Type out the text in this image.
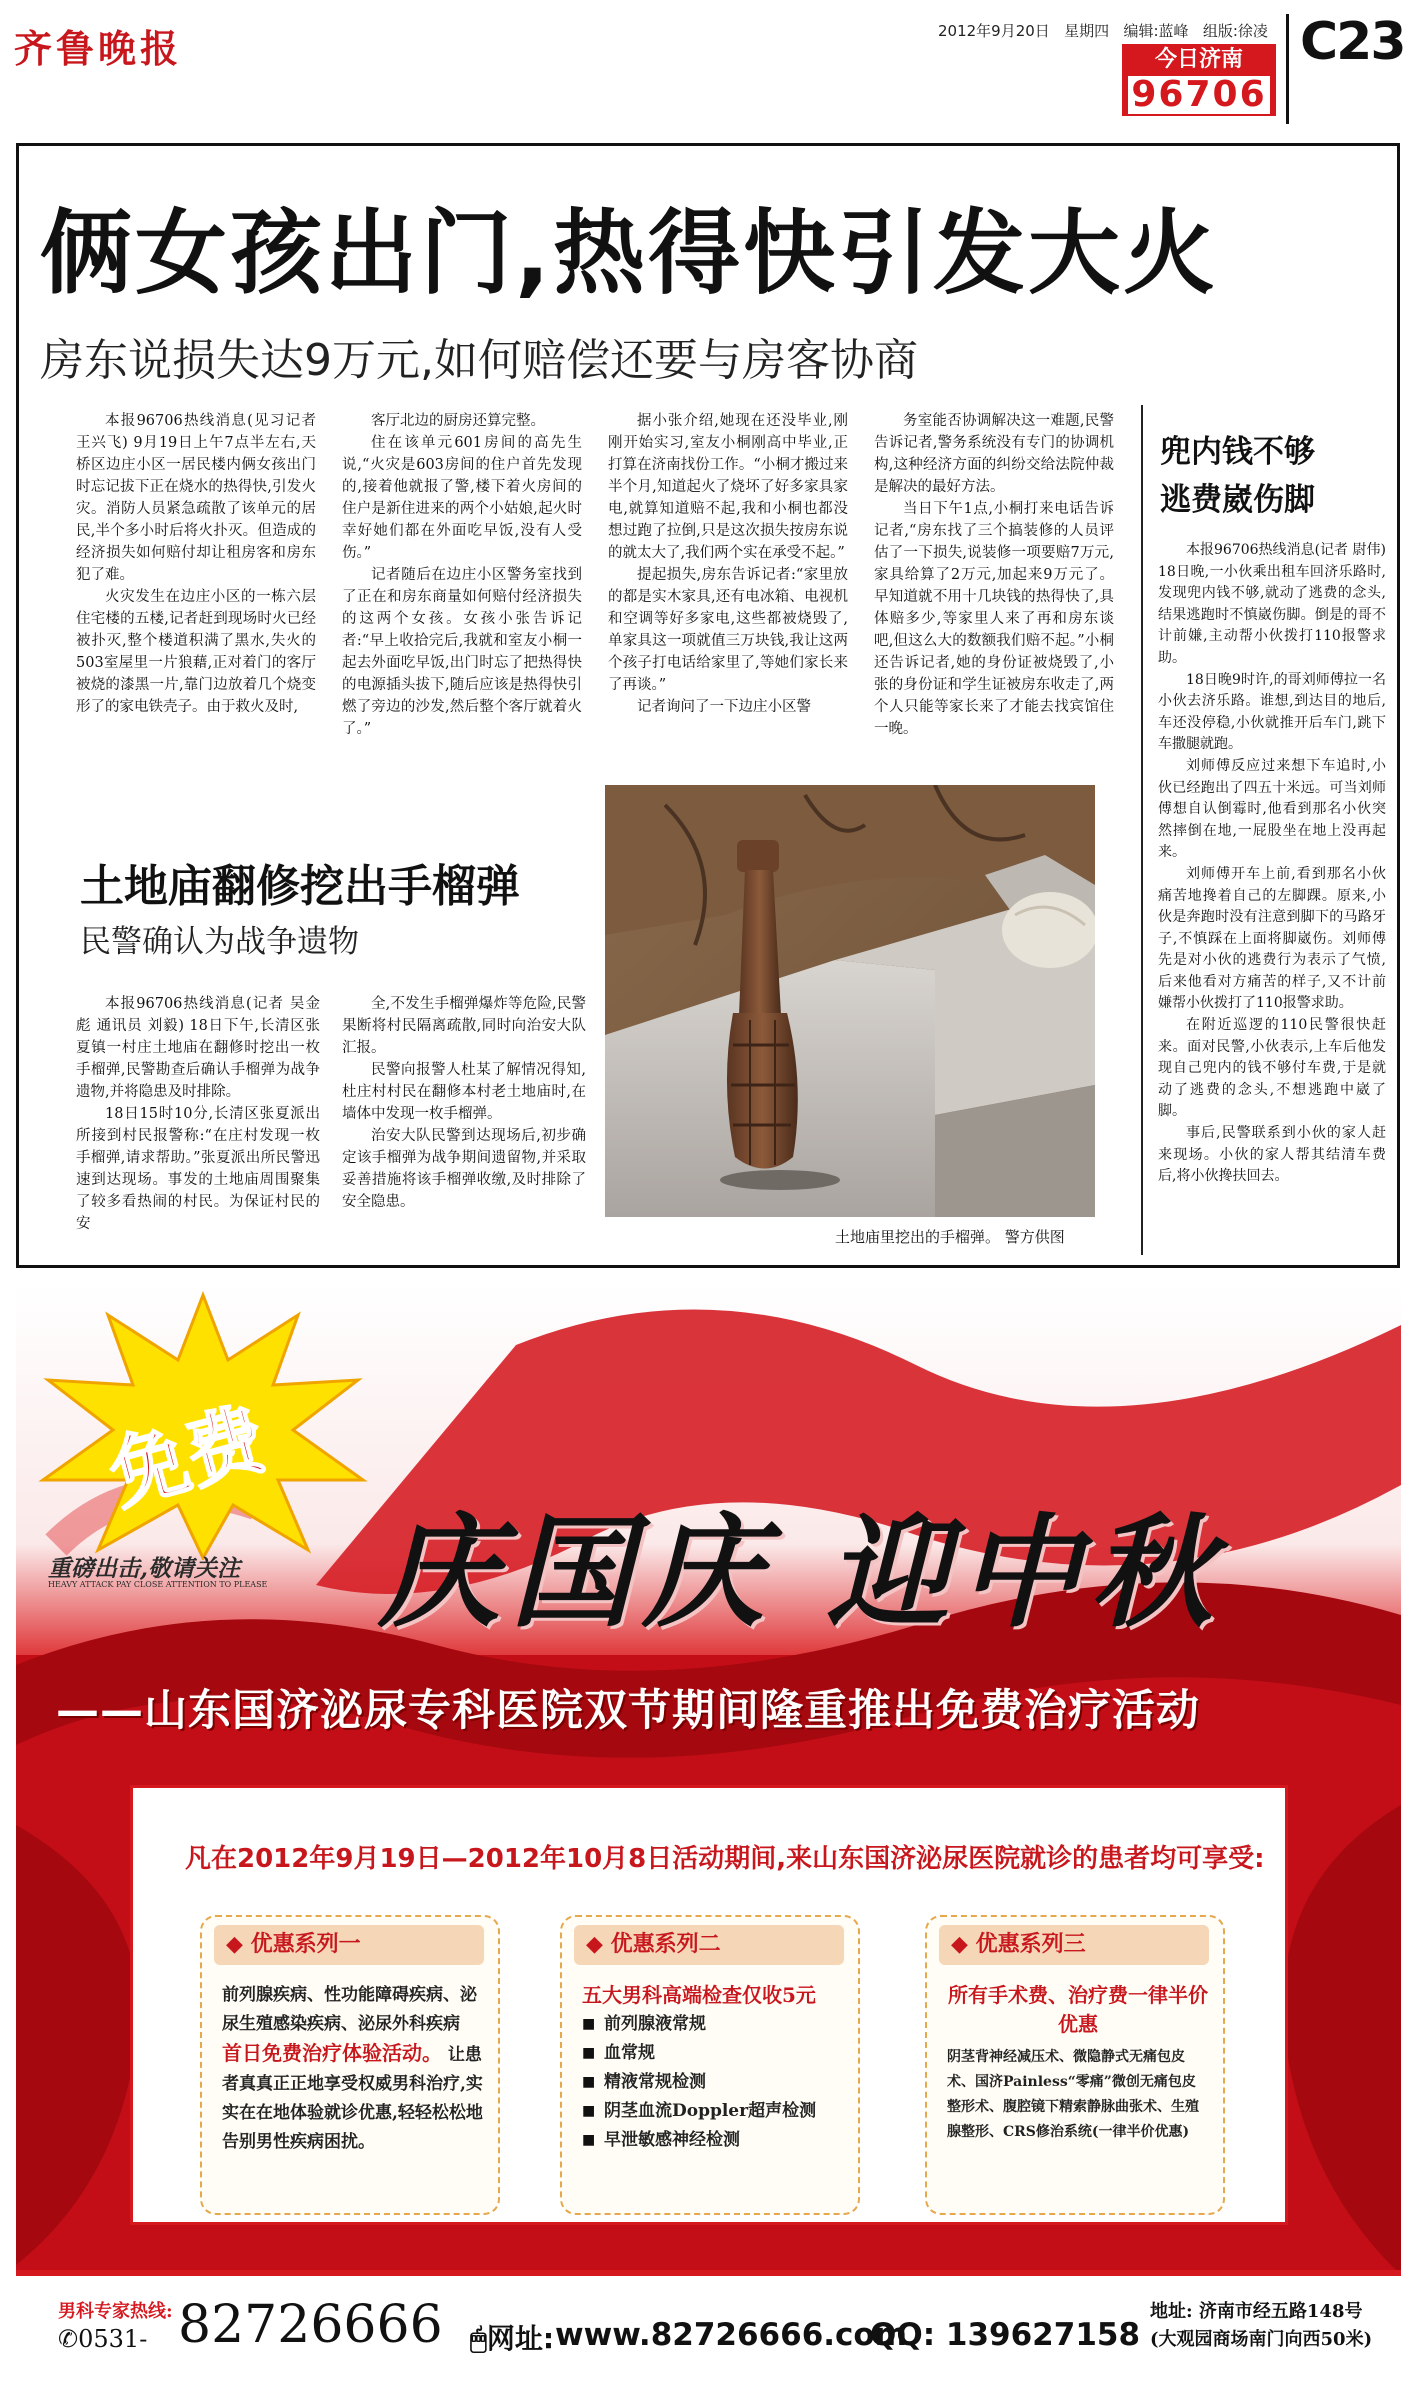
齐鲁晚报	2012年9月20日 星期四 编辑:蓝峰 组版:徐凌
今日济南
96706
C23
俩女孩出门,热得快引发大火
房东说损失达9万元,如何赔偿还要与房客协商

本报96706热线消息(见习记者 王兴飞) 9月19日上午7点半左右,天桥区边庄小区一居民楼内俩女孩出门时忘记拔下正在烧水的热得快,引发火灾。消防人员紧急疏散了该单元的居民,半个多小时后将火扑灭。但造成的经济损失如何赔付却让租房客和房东犯了难。

火灾发生在边庄小区的一栋六层住宅楼的五楼,记者赶到现场时火已经被扑灭,整个楼道积满了黑水,失火的503室屋里一片狼藉,正对着门的客厅被烧的漆黑一片,靠门边放着几个烧变形了的家电铁壳子。由于救火及时,

客厅北边的厨房还算完整。

住在该单元601房间的高先生说,“火灾是603房间的住户首先发现的,接着他就报了警,楼下着火房间的住户是新住进来的两个小姑娘,起火时幸好她们都在外面吃早饭,没有人受伤。”

记者随后在边庄小区警务室找到了正在和房东商量如何赔付经济损失的这两个女孩。女孩小张告诉记者:“早上收拾完后,我就和室友小桐一起去外面吃早饭,出门时忘了把热得快的电源插头拔下,随后应该是热得快引燃了旁边的沙发,然后整个客厅就着火了。”

据小张介绍,她现在还没毕业,刚刚开始实习,室友小桐刚高中毕业,正打算在济南找份工作。“小桐才搬过来半个月,知道起火了烧坏了好多家具家电,就算知道赔不起,我和小桐也都没想过跑了拉倒,只是这次损失按房东说的就太大了,我们两个实在承受不起。”

提起损失,房东告诉记者:“家里放的都是实木家具,还有电冰箱、电视机和空调等好多家电,这些都被烧毁了,单家具这一项就值三万块钱,我让这两个孩子打电话给家里了,等她们家长来了再谈。”

记者询问了一下边庄小区警

务室能否协调解决这一难题,民警告诉记者,警务系统没有专门的协调机构,这种经济方面的纠纷交给法院仲裁是解决的最好方法。

当日下午1点,小桐打来电话告诉记者,“房东找了三个搞装修的人员评估了一下损失,说装修一项要赔7万元,家具给算了2万元,加起来9万元了。早知道就不用十几块钱的热得快了,具体赔多少,等家里人来了再和房东谈吧,但这么大的数额我们赔不起。”小桐还告诉记者,她的身份证被烧毁了,小张的身份证和学生证被房东收走了,两个人只能等家长来了才能去找宾馆住一晚。

兜内钱不够
逃费崴伤脚

本报96706热线消息(记者 尉伟) 18日晚,一小伙乘出租车回济乐路时,发现兜内钱不够,就动了逃费的念头,结果逃跑时不慎崴伤脚。倒是的哥不计前嫌,主动帮小伙拨打110报警求助。

18日晚9时许,的哥刘师傅拉一名小伙去济乐路。谁想,到达目的地后,车还没停稳,小伙就推开后车门,跳下车撒腿就跑。

刘师傅反应过来想下车追时,小伙已经跑出了四五十米远。可当刘师傅想自认倒霉时,他看到那名小伙突然摔倒在地,一屁股坐在地上没再起来。

刘师傅开车上前,看到那名小伙痛苦地搀着自己的左脚踝。原来,小伙是奔跑时没有注意到脚下的马路牙子,不慎踩在上面将脚崴伤。刘师傅先是对小伙的逃费行为表示了气愤,后来他看对方痛苦的样子,又不计前嫌帮小伙拨打了110报警求助。

在附近巡逻的110民警很快赶来。面对民警,小伙表示,上车后他发现自己兜内的钱不够付车费,于是就动了逃费的念头,不想逃跑中崴了脚。

事后,民警联系到小伙的家人赶来现场。小伙的家人帮其结清车费后,将小伙搀扶回去。

土地庙翻修挖出手榴弹
民警确认为战争遗物

本报96706热线消息(记者 吴金彪 通讯员 刘毅) 18日下午,长清区张夏镇一村庄土地庙在翻修时挖出一枚手榴弹,民警勘查后确认手榴弹为战争遗物,并将隐患及时排除。

18日15时10分,长清区张夏派出所接到村民报警称:“在庄村发现一枚手榴弹,请求帮助。”张夏派出所民警迅速到达现场。事发的土地庙周围聚集了较多看热闹的村民。为保证村民的安

全,不发生手榴弹爆炸等危险,民警果断将村民隔离疏散,同时向治安大队汇报。

民警向报警人杜某了解情况得知,杜庄村村民在翻修本村老土地庙时,在墙体中发现一枚手榴弹。

治安大队民警到达现场后,初步确定该手榴弹为战争期间遗留物,并采取妥善措施将该手榴弹收缴,及时排除了安全隐患。

土地庙里挖出的手榴弹。 警方供图
免费
重磅出击,敬请关注
HEAVY ATTACK PAY CLOSE ATTENTION TO PLEASE 庆国庆 迎中秋
——山东国济泌尿专科医院双节期间隆重推出免费治疗活动
凡在2012年9月19日—2012年10月8日活动期间,来山东国济泌尿医院就诊的患者均可享受:
◆ 优惠系列一
前列腺疾病、性功能障碍疾病、泌尿生殖感染疾病、泌尿外科疾病 首日免费治疗体验活动。 让患者真真正正地享受权威男科治疗,实实在在地体验就诊优惠,轻轻松松地告别男性疾病困扰。
◆ 优惠系列二
五大男科高端检查仅收5元
■ 前列腺液常规
■ 血常规
■ 精液常规检测
■ 阴茎血流Doppler超声检测
■ 早泄敏感神经检测
◆ 优惠系列三
所有手术费、治疗费一律半价优惠
阴茎背神经减压术、微隐静式无痛包皮术、国济Painless“零痛”微创无痛包皮整形术、腹腔镜下精索静脉曲张术、生殖腺整形、CRS修治系统(一律半价优惠)
男科专家热线:
✆0531- 82726666 🖱网址: www.82726666.com
QQ: 139627158
地址: 济南市经五路148号
(大观园商场南门向西50米)
